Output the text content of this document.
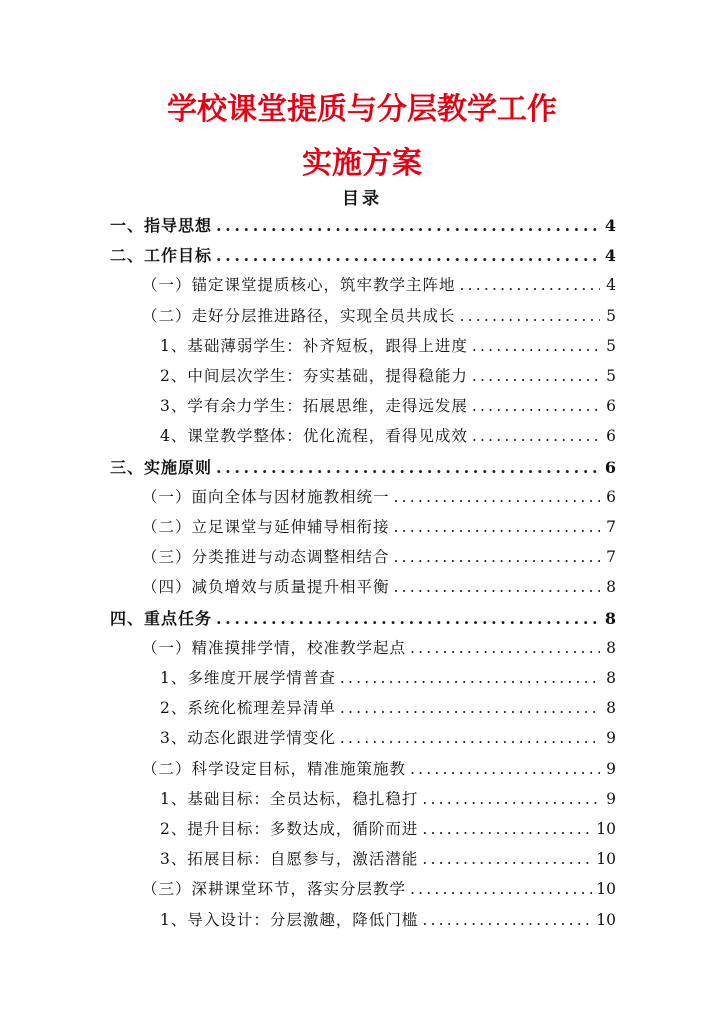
学校课堂提质与分层教学工作
实施方案
目录
一、指导思想 .....	4
二、工作目标 .....	4
（一）锚定课堂提质核心，筑牢教学主阵地 .....	4
（二）走好分层推进路径，实现全员共成长 .....	5
1、基础薄弱学生：补齐短板，跟得上进度 .....	5
2、中间层次学生：夯实基础，提得稳能力 .....	5
3、学有余力学生：拓展思维，走得远发展 .....	6
4、课堂教学整体：优化流程，看得见成效 .....	6
三、实施原则 .....	6
（一）面向全体与因材施教相统一 .....	6
（二）立足课堂与延伸辅导相衔接 .....	7
（三）分类推进与动态调整相结合 .....	7
（四）减负增效与质量提升相平衡 .....	8
四、重点任务 .....	8
（一）精准摸排学情，校准教学起点 .....	8
1、多维度开展学情普查 .....	8
2、系统化梳理差异清单 .....	8
3、动态化跟进学情变化 .....	9
（二）科学设定目标，精准施策施教 .....	9
1、基础目标：全员达标，稳扎稳打 .....	9
2、提升目标：多数达成，循阶而进 .....	10
3、拓展目标：自愿参与，激活潜能 .....	10
（三）深耕课堂环节，落实分层教学 .....	10
1、导入设计：分层激趣，降低门槛 .....	10
